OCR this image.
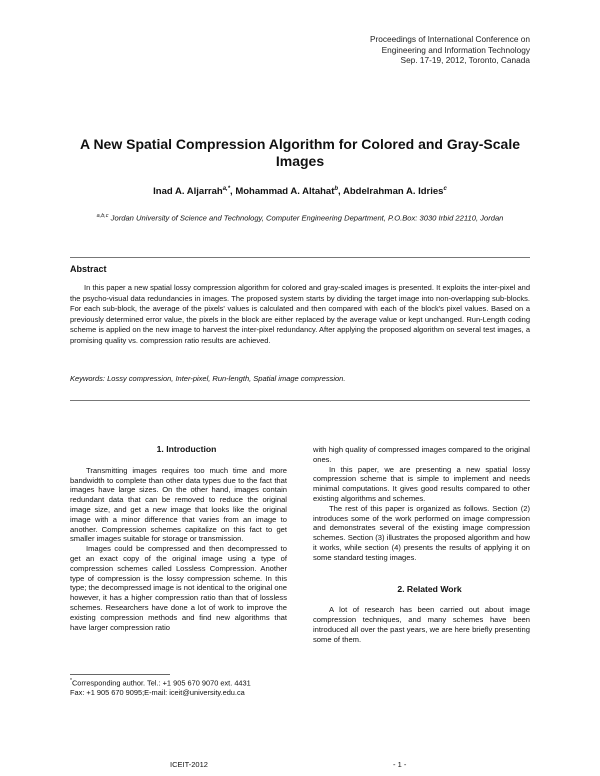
Proceedings of International Conference on
Engineering and Information Technology
Sep. 17-19, 2012, Toronto, Canada
A New Spatial Compression Algorithm for Colored and Gray-Scale Images
Inad A. Aljarrah$^{a,*}$, Mohammad A. Altahat$^b$, Abdelrahman A. Idries$^c$
$^{a,b,c}$ Jordan University of Science and Technology, Computer Engineering Department, P.O.Box: 3030 Irbid 22110, Jordan
Abstract
In this paper a new spatial lossy compression algorithm for colored and gray-scaled images is presented. It exploits the inter-pixel and the psycho-visual data redundancies in images. The proposed system starts by dividing the target image into non-overlapping sub-blocks. For each sub-block, the average of the pixels' values is calculated and then compared with each of the block's pixel values. Based on a previously determined error value, the pixels in the block are either replaced by the average value or kept unchanged. Run-Length coding scheme is applied on the new image to harvest the inter-pixel redundancy. After applying the proposed algorithm on several test images, a promising quality vs. compression ratio results are achieved.
Keywords: Lossy compression, Inter-pixel, Run-length, Spatial image compression.

1. Introduction

Transmitting images requires too much time and more bandwidth to complete than other data types due to the fact that images have large sizes. On the other hand, images contain redundant data that can be removed to reduce the original image size, and get a new image that looks like the original image with a minor difference that varies from an image to another. Compression schemes capitalize on this fact to get smaller images suitable for storage or transmission.

Images could be compressed and then decompressed to get an exact copy of the original image using a type of compression schemes called Lossless Compression. Another type of compression is the lossy compression scheme. In this type; the decompressed image is not identical to the original one however, it has a higher compression ratio than that of lossless schemes. Researchers have done a lot of work to improve the existing compression methods and find new algorithms that have larger compression ratio

with high quality of compressed images compared to the original ones.

In this paper, we are presenting a new spatial lossy compression scheme that is simple to implement and needs minimal computations. It gives good results compared to other existing algorithms and schemes.

The rest of this paper is organized as follows. Section (2) introduces some of the work performed on image compression and demonstrates several of the existing image compression schemes. Section (3) illustrates the proposed algorithm and how it works, while section (4) presents the results of applying it on some standard testing images.

2. Related Work

A lot of research has been carried out about image compression techniques, and many schemes have been introduced all over the past years, we are here briefly presenting some of them.

*Corresponding author. Tel.: +1 905 670 9070 ext. 4431
Fax: +1 905 670 9095;E-mail: iceit@university.edu.ca
ICEIT-2012	- 1 -
